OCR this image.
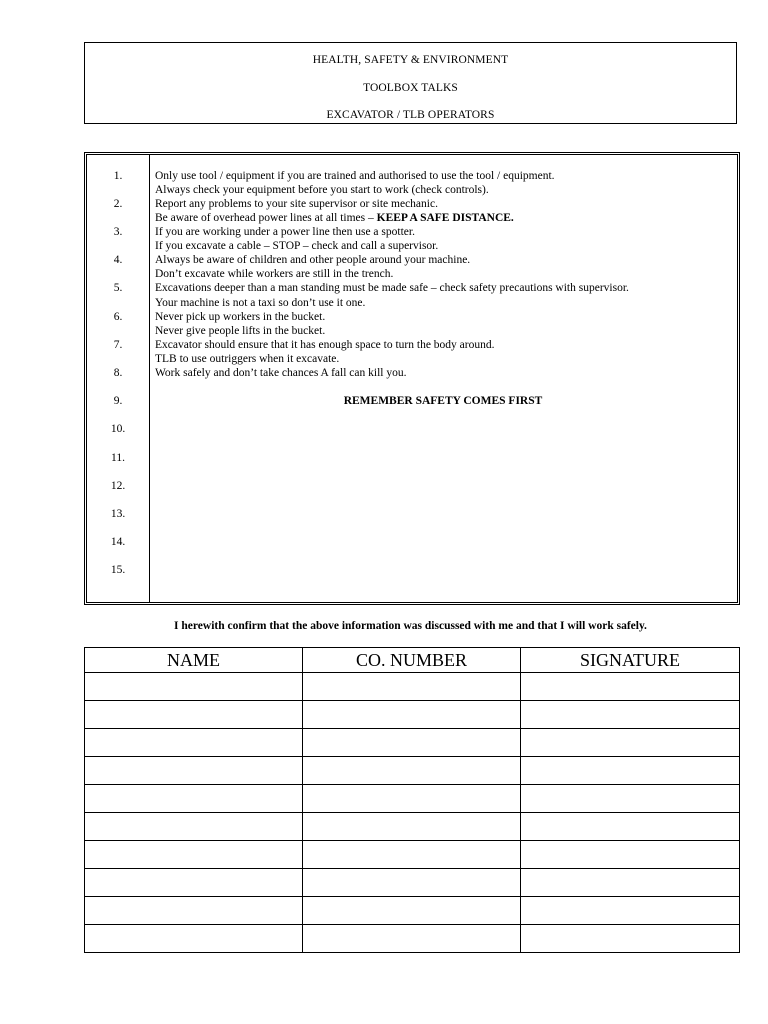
HEALTH, SAFETY & ENVIRONMENT
TOOLBOX TALKS
EXCAVATOR / TLB OPERATORS
1.
2.
3.
4.
5.
6.
7.
8.
9.
10.
11.
12.
13.
14.
15.
Only use tool / equipment if you are trained and authorised to use the tool / equipment.
Always check your equipment before you start to work (check controls).
Report any problems to your site supervisor or site mechanic.
Be aware of overhead power lines at all times – KEEP A SAFE DISTANCE.
If you are working under a power line then use a spotter.
If you excavate a cable – STOP – check and call a supervisor.
Always be aware of children and other people around your machine.
Don’t excavate while workers are still in the trench.
Excavations deeper than a man standing must be made safe – check safety precautions with supervisor.
Your machine is not a taxi so don’t use it one.
Never pick up workers in the bucket.
Never give people lifts in the bucket.
Excavator should ensure that it has enough space to turn the body around.
TLB to use outriggers when it excavate.
Work safely and don’t take chances A fall can kill you.
REMEMBER SAFETY COMES FIRST
I herewith confirm that the above information was discussed with me and that I will work safely.
NAME	CO. NUMBER	SIGNATURE
